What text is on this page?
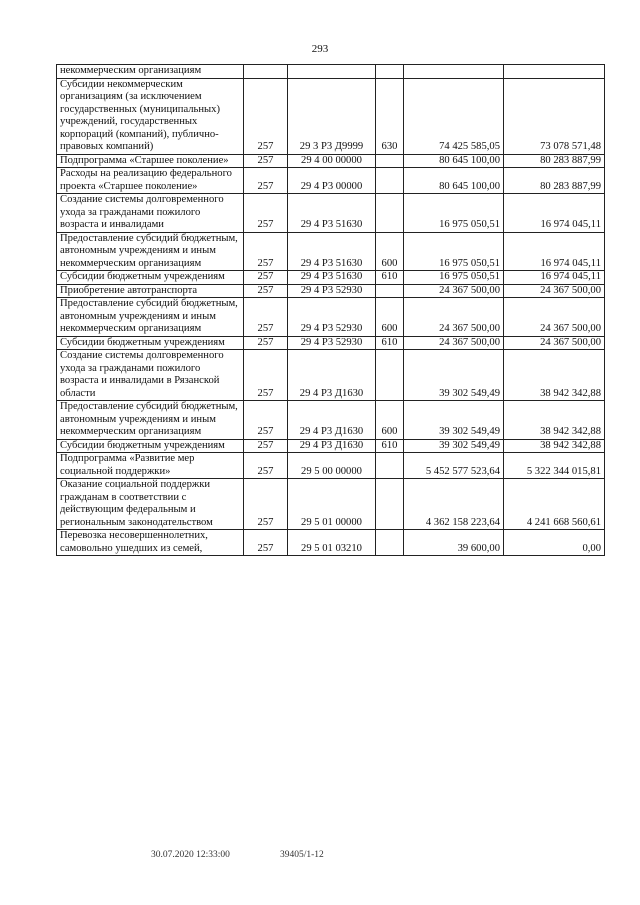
293
некоммерческим организациям					
Субсидии некоммерческим организациям (за исключением государственных (муниципальных) учреждений, государственных корпораций (компаний), публично-правовых компаний)	257	29 3 P3 Д9999	630	74 425 585,05	73 078 571,48
Подпрограмма «Старшее поколение»	257	29 4 00 00000		80 645 100,00	80 283 887,99
Расходы на реализацию федерального проекта «Старшее поколение»	257	29 4 P3 00000		80 645 100,00	80 283 887,99
Создание системы долговременного ухода за гражданами пожилого возраста и инвалидами	257	29 4 P3 51630		16 975 050,51	16 974 045,11
Предоставление субсидий бюджетным, автономным учреждениям и иным некоммерческим организациям	257	29 4 P3 51630	600	16 975 050,51	16 974 045,11
Субсидии бюджетным учреждениям	257	29 4 P3 51630	610	16 975 050,51	16 974 045,11
Приобретение автотранспорта	257	29 4 P3 52930		24 367 500,00	24 367 500,00
Предоставление субсидий бюджетным, автономным учреждениям и иным некоммерческим организациям	257	29 4 P3 52930	600	24 367 500,00	24 367 500,00
Субсидии бюджетным учреждениям	257	29 4 P3 52930	610	24 367 500,00	24 367 500,00
Создание системы долговременного ухода за гражданами пожилого возраста и инвалидами в Рязанской области	257	29 4 P3 Д1630		39 302 549,49	38 942 342,88
Предоставление субсидий бюджетным, автономным учреждениям и иным некоммерческим организациям	257	29 4 P3 Д1630	600	39 302 549,49	38 942 342,88
Субсидии бюджетным учреждениям	257	29 4 P3 Д1630	610	39 302 549,49	38 942 342,88
Подпрограмма «Развитие мер социальной поддержки»	257	29 5 00 00000		5 452 577 523,64	5 322 344 015,81
Оказание социальной поддержки гражданам в соответствии с действующим федеральным и региональным законодательством	257	29 5 01 00000		4 362 158 223,64	4 241 668 560,61
Перевозка несовершеннолетних, самовольно ушедших из семей,	257	29 5 01 03210		39 600,00	0,00
30.07.2020 12:33:00	39405/1-12
